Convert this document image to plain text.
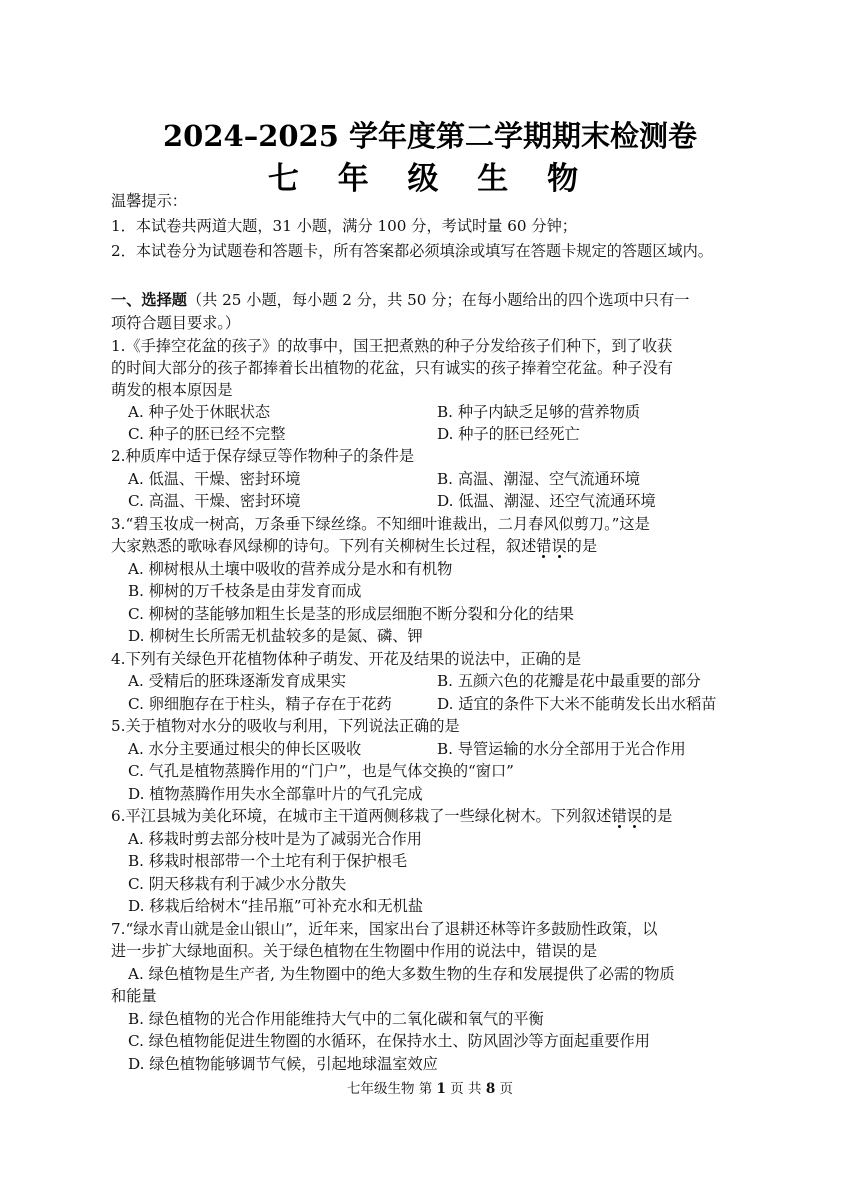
2024–2025 学年度第二学期期末检测卷
七 年 级 生 物
温馨提示：
1．本试卷共两道大题，31 小题，满分 100 分，考试时量 60 分钟；
2．本试卷分为试题卷和答题卡，所有答案都必须填涂或填写在答题卡规定的答题区域内。
一、选择题（共 25 小题，每小题 2 分，共 50 分；在每小题给出的四个选项中只有一
项符合题目要求。）
1.《手捧空花盆的孩子》的故事中，国王把煮熟的种子分发给孩子们种下，到了收获
的时间大部分的孩子都捧着长出植物的花盆，只有诚实的孩子捧着空花盆。种子没有
萌发的根本原因是
A. 种子处于休眠状态	B. 种子内缺乏足够的营养物质
C. 种子的胚已经不完整	D. 种子的胚已经死亡
2.种质库中适于保存绿豆等作物种子的条件是
A. 低温、干燥、密封环境	B. 高温、潮湿、空气流通环境
C. 高温、干燥、密封环境	D. 低温、潮湿、还空气流通环境
3.“碧玉妆成一树高，万条垂下绿丝绦。不知细叶谁裁出，二月春风似剪刀。”这是
大家熟悉的歌咏春风绿柳的诗句。下列有关柳树生长过程，叙述错误的是
A. 柳树根从土壤中吸收的营养成分是水和有机物
B. 柳树的万千枝条是由芽发育而成
C. 柳树的茎能够加粗生长是茎的形成层细胞不断分裂和分化的结果
D. 柳树生长所需无机盐较多的是氮、磷、钾
4.下列有关绿色开花植物体种子萌发、开花及结果的说法中，正确的是
A. 受精后的胚珠逐渐发育成果实	B. 五颜六色的花瓣是花中最重要的部分
C. 卵细胞存在于柱头，精子存在于花药	D. 适宜的条件下大米不能萌发长出水稻苗
5.关于植物对水分的吸收与利用，下列说法正确的是
A. 水分主要通过根尖的伸长区吸收	B. 导管运输的水分全部用于光合作用
C. 气孔是植物蒸腾作用的“门户”，也是气体交换的“窗口”
D. 植物蒸腾作用失水全部靠叶片的气孔完成
6.平江县城为美化环境，在城市主干道两侧移栽了一些绿化树木。下列叙述错误的是
A. 移栽时剪去部分枝叶是为了减弱光合作用
B. 移栽时根部带一个土坨有利于保护根毛
C. 阴天移栽有利于减少水分散失
D. 移栽后给树木“挂吊瓶”可补充水和无机盐
7.“绿水青山就是金山银山”，近年来，国家出台了退耕还林等许多鼓励性政策，以
进一步扩大绿地面积。关于绿色植物在生物圈中作用的说法中，错误的是
A. 绿色植物是生产者, 为生物圈中的绝大多数生物的生存和发展提供了必需的物质
和能量
B. 绿色植物的光合作用能维持大气中的二氧化碳和氧气的平衡
C. 绿色植物能促进生物圈的水循环，在保持水土、防风固沙等方面起重要作用
D. 绿色植物能够调节气候，引起地球温室效应
七年级生物 第 1 页 共 8 页
